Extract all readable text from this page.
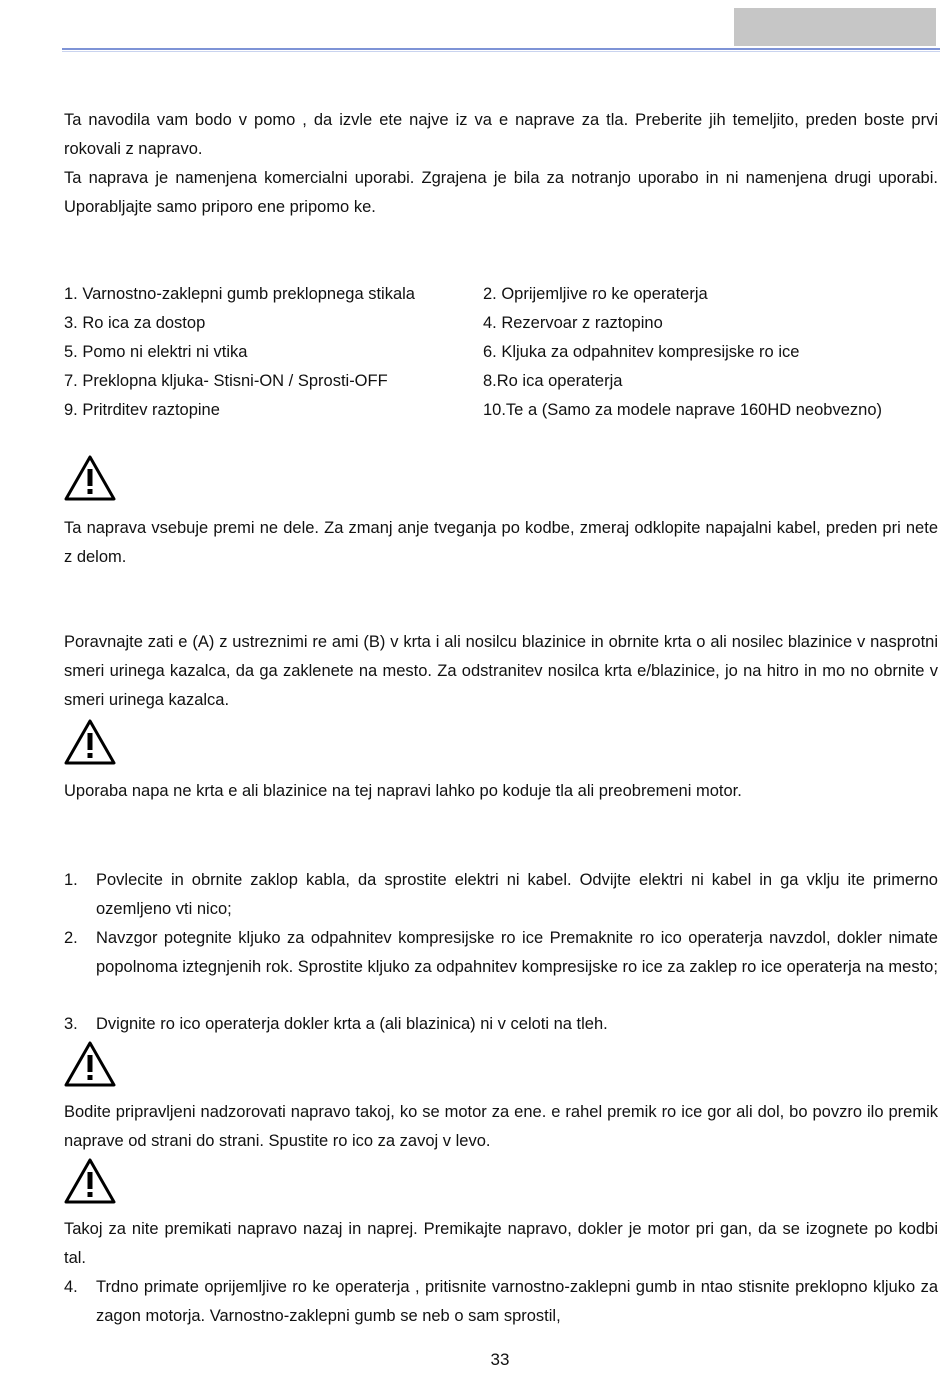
Ta navodila vam bodo v pomo , da izvle ete najve iz va e naprave za tla. Preberite jih temeljito, preden boste prvi rokovali z napravo.

Ta naprava je namenjena komercialni uporabi. Zgrajena je bila za notranjo uporabo in ni namenjena drugi uporabi. Uporabljajte samo priporo ene pripomo ke.

1. Varnostno-zaklepni gumb preklopnega stikala	2. Oprijemljive ro ke operaterja

3. Ro ica za dostop	4. Rezervoar z raztopino

5. Pomo ni elektri ni vtika	6. Kljuka za odpahnitev kompresijske ro ice

7. Preklopna kljuka- Stisni-ON / Sprosti-OFF	8.Ro ica operaterja

9. Pritrditev raztopine	10.Te a (Samo za modele naprave 160HD neobvezno)

Ta naprava vsebuje premi ne dele. Za zmanj anje tveganja po kodbe, zmeraj odklopite napajalni kabel, preden pri nete z delom.

Poravnajte zati e (A) z ustreznimi re ami (B) v krta i ali nosilcu blazinice in obrnite krta o ali nosilec blazinice v nasprotni smeri urinega kazalca, da ga zaklenete na mesto. Za odstranitev nosilca krta e/blazinice, jo na hitro in mo no obrnite v smeri urinega kazalca.

Uporaba napa ne krta e ali blazinice na tej napravi lahko po koduje tla ali preobremeni motor.

1. Povlecite in obrnite zaklop kabla, da sprostite elektri ni kabel. Odvijte elektri ni kabel in ga vklju ite primerno ozemljeno vti nico;
2. Navzgor potegnite kljuko za odpahnitev kompresijske ro ice Premaknite ro ico operaterja navzdol, dokler nimate popolnoma iztegnjenih rok. Sprostite kljuko za odpahnitev kompresijske ro ice za zaklep ro ice operaterja na mesto;
3. Dvignite ro ico operaterja dokler krta a (ali blazinica) ni v celoti na tleh.

Bodite pripravljeni nadzorovati napravo takoj, ko se motor za ene. e rahel premik ro ice gor ali dol, bo povzro ilo premik naprave od strani do strani. Spustite ro ico za zavoj v levo.

Takoj za nite premikati napravo nazaj in naprej. Premikajte napravo, dokler je motor pri gan, da se izognete po kodbi tal.

4. Trdno primate oprijemljive ro ke operaterja , pritisnite varnostno-zaklepni gumb in ntao stisnite preklopno kljuko za zagon motorja. Varnostno-zaklepni gumb se neb o sam sprostil,
33
